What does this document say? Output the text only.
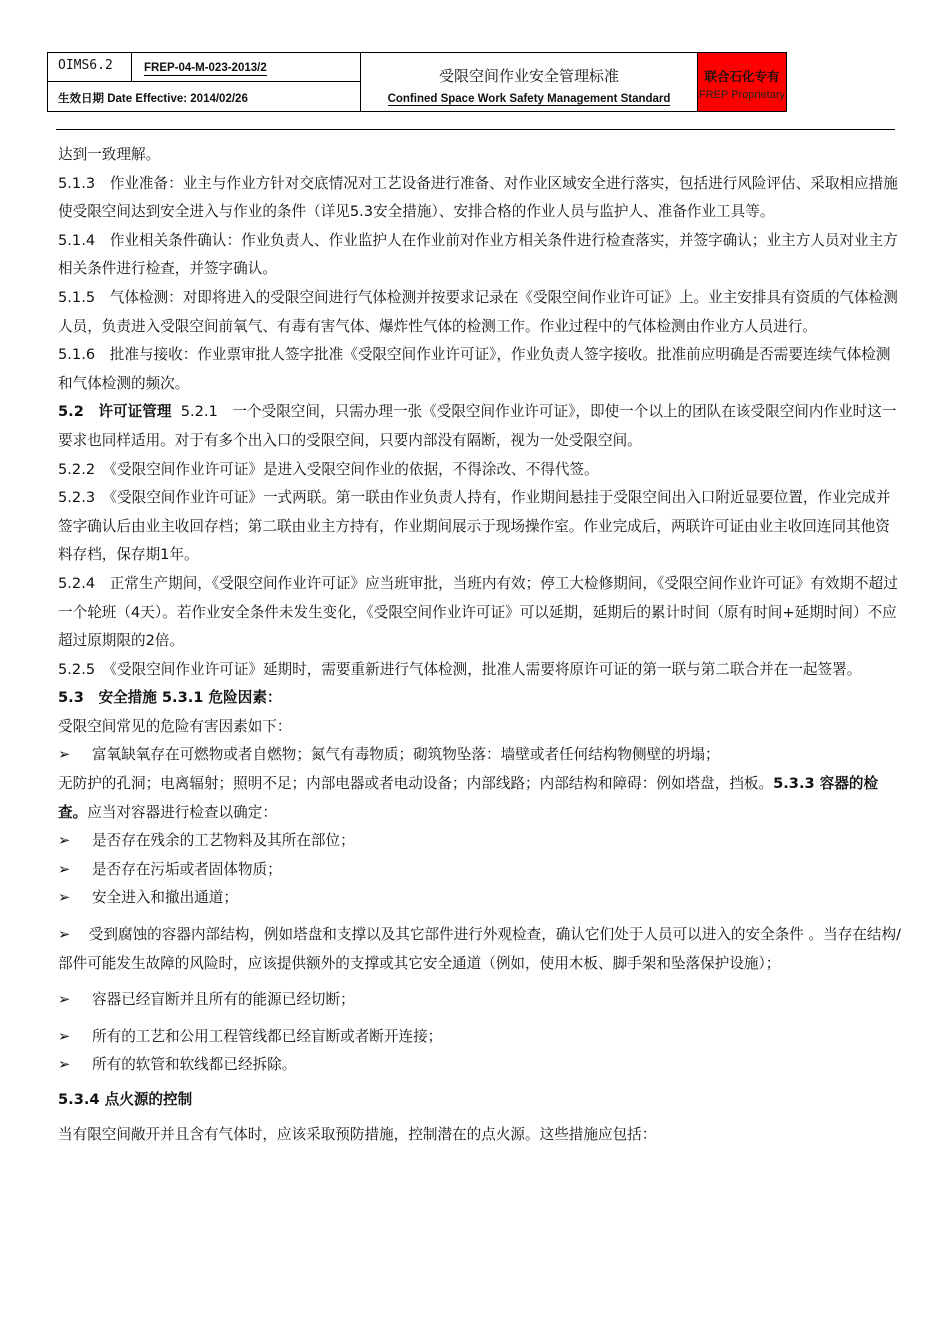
OIMS6.2	FREP-04-M-023-2013/2
生效日期 Date Effective: 2014/02/26
受限空间作业安全管理标准
Confined Space Work Safety Management Standard
联合石化专有
FREP Proprietary

达到一致理解。

5.1.3　作业准备：业主与作业方针对交底情况对工艺设备进行准备、对作业区域安全进行落实，包括进行风险评估、采取相应措施使受限空间达到安全进入与作业的条件（详见5.3安全措施）、安排合格的作业人员与监护人、准备作业工具等。

5.1.4　作业相关条件确认：作业负责人、作业监护人在作业前对作业方相关条件进行检查落实，并签字确认；业主方人员对业主方相关条件进行检查，并签字确认。

5.1.5　气体检测：对即将进入的受限空间进行气体检测并按要求记录在《受限空间作业许可证》上。业主安排具有资质的气体检测人员，负责进入受限空间前氧气、有毒有害气体、爆炸性气体的检测工作。作业过程中的气体检测由作业方人员进行。

5.1.6　批准与接收：作业票审批人签字批准《受限空间作业许可证》，作业负责人签字接收。批准前应明确是否需要连续气体检测和气体检测的频次。

5.2　许可证管理 5.2.1　一个受限空间，只需办理一张《受限空间作业许可证》，即使一个以上的团队在该受限空间内作业时这一要求也同样适用。对于有多个出入口的受限空间，只要内部没有隔断，视为一处受限空间。

5.2.2　《受限空间作业许可证》是进入受限空间作业的依据，不得涂改、不得代签。

5.2.3　《受限空间作业许可证》一式两联。第一联由作业负责人持有，作业期间悬挂于受限空间出入口附近显要位置，作业完成并签字确认后由业主收回存档；第二联由业主方持有，作业期间展示于现场操作室。作业完成后，两联许可证由业主收回连同其他资料存档，保存期1年。

5.2.4　正常生产期间，《受限空间作业许可证》应当班审批，当班内有效；停工大检修期间，《受限空间作业许可证》有效期不超过一个轮班（4天）。若作业安全条件未发生变化，《受限空间作业许可证》可以延期，延期后的累计时间（原有时间+延期时间）不应超过原期限的2倍。

5.2.5　《受限空间作业许可证》延期时，需要重新进行气体检测，批准人需要将原许可证的第一联与第二联合并在一起签署。

5.3　安全措施 5.3.1 危险因素：

受限空间常见的危险有害因素如下：

➢	富氧缺氧存在可燃物或者自燃物；氮气有毒物质；砌筑物坠落：墙壁或者任何结构物侧壁的坍塌；

无防护的孔洞；电离辐射；照明不足；内部电器或者电动设备；内部线路；内部结构和障碍：例如塔盘，挡板。5.3.3 容器的检查。应当对容器进行检查以确定：

➢	是否存在残余的工艺物料及其所在部位；
➢	是否存在污垢或者固体物质；
➢	安全进入和撤出通道；

➢ 受到腐蚀的容器内部结构，例如塔盘和支撑以及其它部件进行外观检查，确认它们处于人员可以进入的安全条件 。当存在结构/部件可能发生故障的风险时，应该提供额外的支撑或其它安全通道（例如，使用木板、脚手架和坠落保护设施）；

➢	容器已经盲断并且所有的能源已经切断；
➢	所有的工艺和公用工程管线都已经盲断或者断开连接；
➢	所有的软管和软线都已经拆除。

5.3.4 点火源的控制

当有限空间敞开并且含有气体时，应该采取预防措施，控制潜在的点火源。这些措施应包括：
